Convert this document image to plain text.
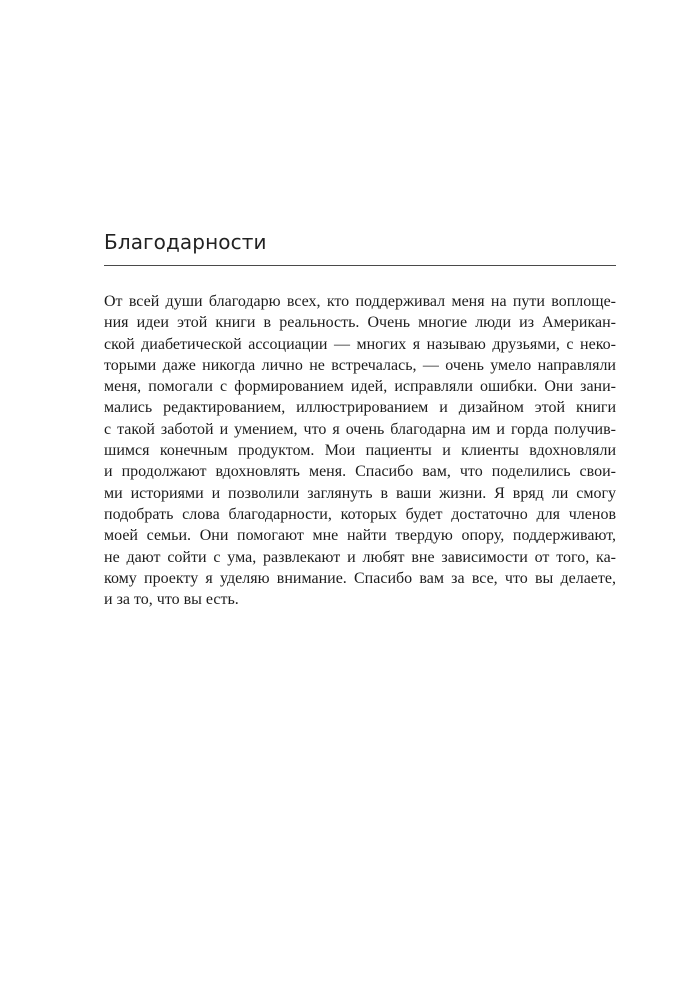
Благодарности
От всей души благодарю всех, кто поддерживал меня на пути воплоще-
ния идеи этой книги в реальность. Очень многие люди из Американ-
ской диабетической ассоциации — многих я называю друзьями, с неко-
торыми даже никогда лично не встречалась, — очень умело направляли
меня, помогали с формированием идей, исправляли ошибки. Они зани-
мались редактированием, иллюстрированием и дизайном этой книги
с такой заботой и умением, что я очень благодарна им и горда получив-
шимся конечным продуктом. Мои пациенты и клиенты вдохновляли
и продолжают вдохновлять меня. Спасибо вам, что поделились свои-
ми историями и позволили заглянуть в ваши жизни. Я вряд ли смогу
подобрать слова благодарности, которых будет достаточно для членов
моей семьи. Они помогают мне найти твердую опору, поддерживают,
не дают сойти с ума, развлекают и любят вне зависимости от того, ка-
кому проекту я уделяю внимание. Спасибо вам за все, что вы делаете,
и за то, что вы есть.
